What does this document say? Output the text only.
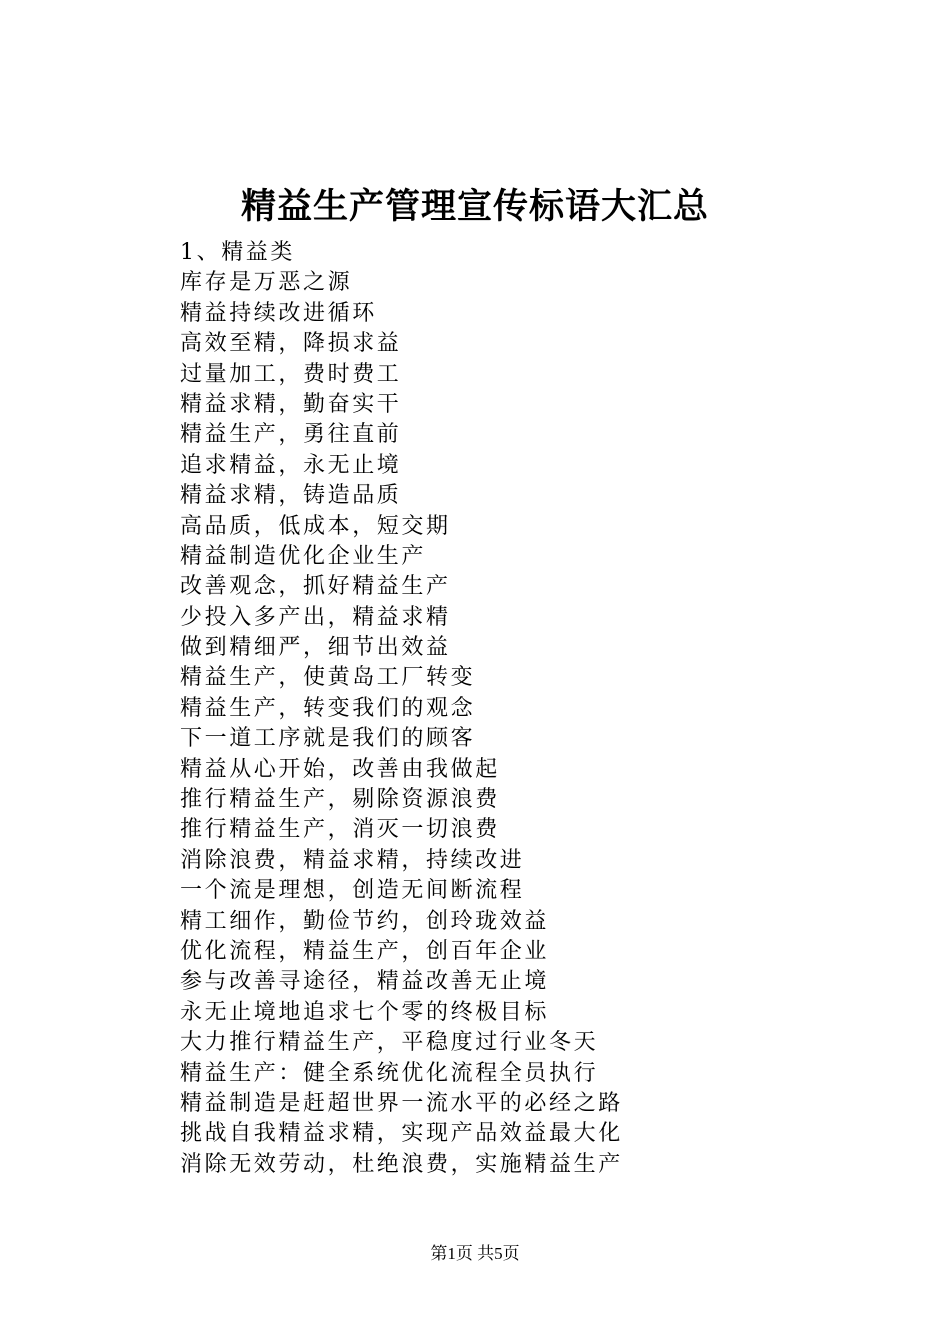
精益生产管理宣传标语大汇总
1、精益类
库存是万恶之源
精益持续改进循环
高效至精，降损求益
过量加工，费时费工
精益求精，勤奋实干
精益生产，勇往直前
追求精益，永无止境
精益求精，铸造品质
高品质，低成本，短交期
精益制造优化企业生产
改善观念，抓好精益生产
少投入多产出，精益求精
做到精细严，细节出效益
精益生产，使黄岛工厂转变
精益生产，转变我们的观念
下一道工序就是我们的顾客
精益从心开始，改善由我做起
推行精益生产，剔除资源浪费
推行精益生产，消灭一切浪费
消除浪费，精益求精，持续改进
一个流是理想，创造无间断流程
精工细作，勤俭节约，创玲珑效益
优化流程，精益生产，创百年企业
参与改善寻途径，精益改善无止境
永无止境地追求七个零的终极目标
大力推行精益生产，平稳度过行业冬天
精益生产：健全系统优化流程全员执行
精益制造是赶超世界一流水平的必经之路
挑战自我精益求精，实现产品效益最大化
消除无效劳动，杜绝浪费，实施精益生产
第1页 共5页
